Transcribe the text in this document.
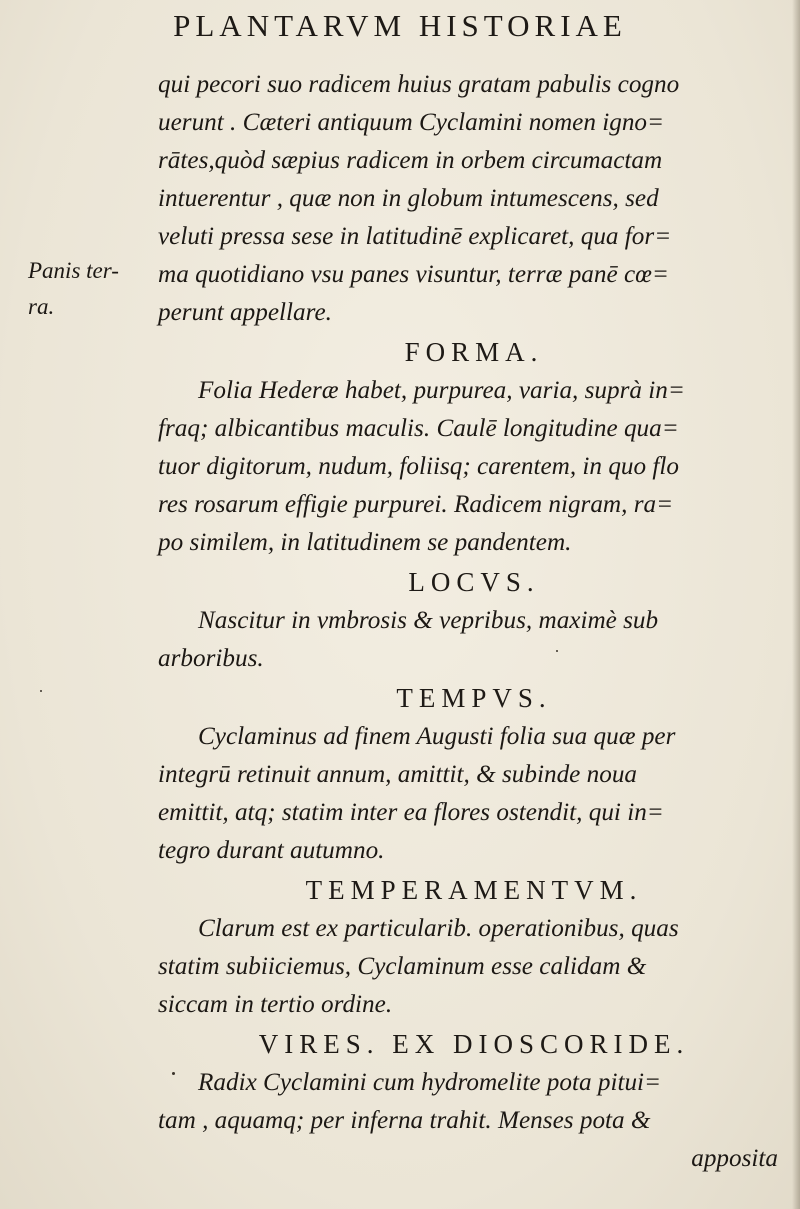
PLANTARVM HISTORIAE
Panis ter-
ra.
qui pecori suo radicem huius gratam pabulis cogno
uerunt . Cæteri antiquum Cyclamini nomen igno=
rātes,quòd sæpius radicem in orbem circumactam
intuerentur , quæ non in globum intumescens, sed
veluti pressa sese in latitudinē explicaret, qua for=
ma quotidiano vsu panes visuntur, terræ panē cœ=
perunt appellare.
FORMA.
Folia Hederæ habet, purpurea, varia, suprà in=
fraq; albicantibus maculis. Caulē longitudine qua=
tuor digitorum, nudum, foliisq; carentem, in quo flo
res rosarum effigie purpurei. Radicem nigram, ra=
po similem, in latitudinem se pandentem.
LOCVS.
Nascitur in vmbrosis & vepribus, maximè sub
arboribus.
TEMPVS.
Cyclaminus ad finem Augusti folia sua quæ per
integrū retinuit annum, amittit, & subinde noua
emittit, atq; statim inter ea flores ostendit, qui in=
tegro durant autumno.
TEMPERAMENTVM.
Clarum est ex particularib. operationibus, quas
statim subiiciemus, Cyclaminum esse calidam &
siccam in tertio ordine.
VIRES. EX DIOSCORIDE.
Radix Cyclamini cum hydromelite pota pitui=
tam , aquamq; per inferna trahit. Menses pota &
apposita
